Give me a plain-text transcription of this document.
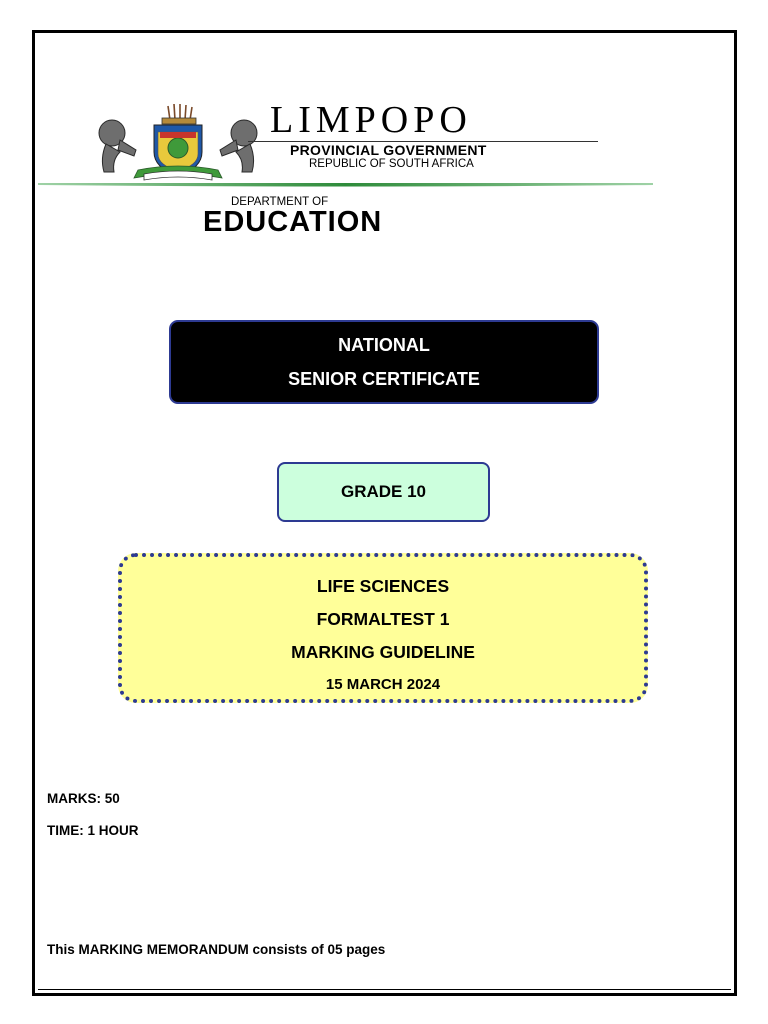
LIMPOPO
PROVINCIAL GOVERNMENT
REPUBLIC OF SOUTH AFRICA
DEPARTMENT OF
EDUCATION
NATIONAL
SENIOR CERTIFICATE
GRADE 10
LIFE SCIENCES
FORMALTEST 1
MARKING GUIDELINE
15 MARCH 2024
MARKS: 50
TIME: 1 HOUR
This MARKING MEMORANDUM consists of 05 pages
